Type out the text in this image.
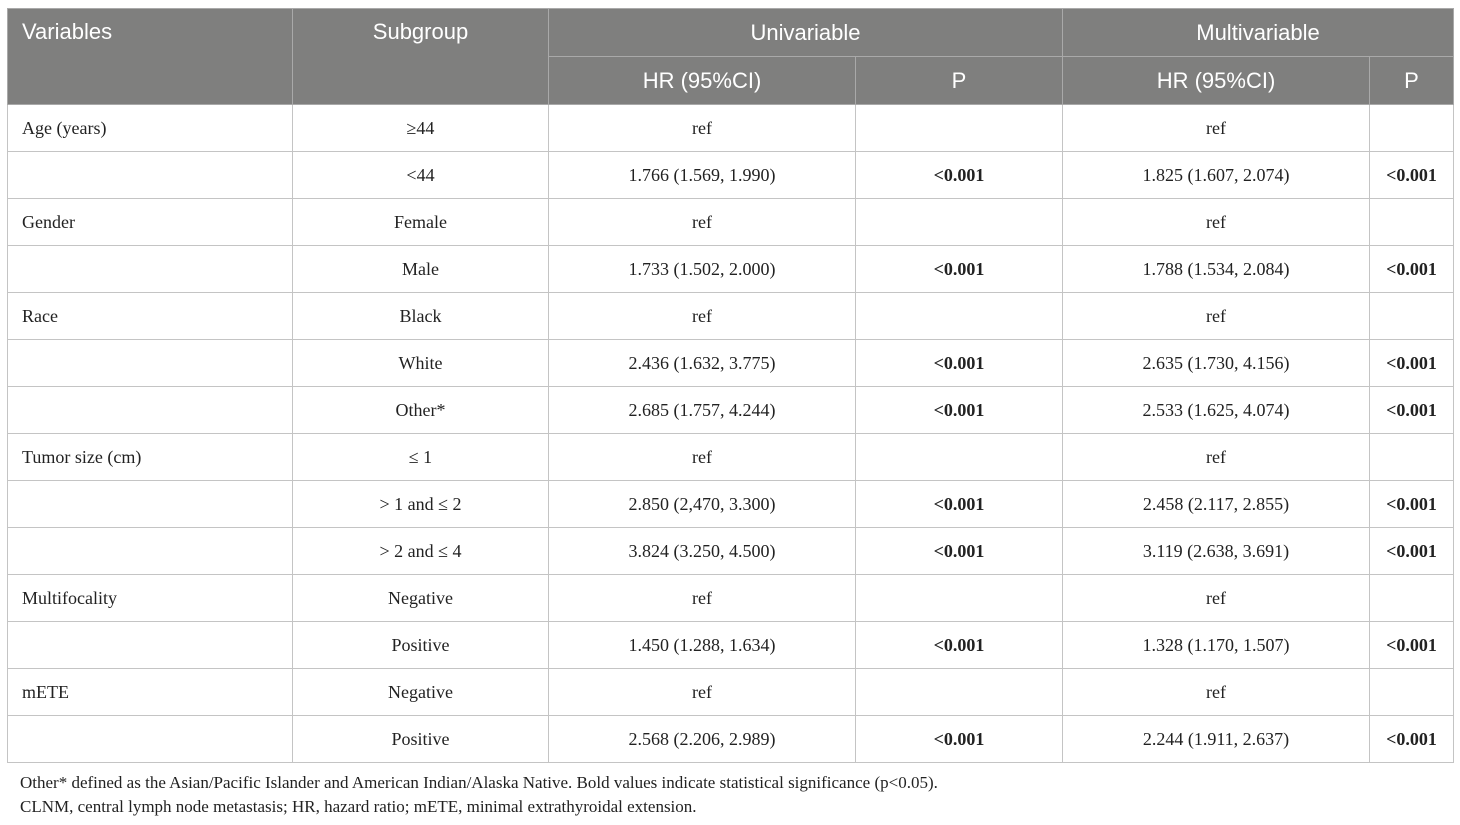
Variables	Subgroup	Univariable		Multivariable	
		HR (95%CI)	P	HR (95%CI)	P
Age (years)	≥44	ref		ref	
	<44	1.766 (1.569, 1.990)	<0.001	1.825 (1.607, 2.074)	<0.001
Gender	Female	ref		ref	
	Male	1.733 (1.502, 2.000)	<0.001	1.788 (1.534, 2.084)	<0.001
Race	Black	ref		ref	
	White	2.436 (1.632, 3.775)	<0.001	2.635 (1.730, 4.156)	<0.001
	Other*	2.685 (1.757, 4.244)	<0.001	2.533 (1.625, 4.074)	<0.001
Tumor size (cm)	≤ 1	ref		ref	
	> 1 and ≤ 2	2.850 (2,470, 3.300)	<0.001	2.458 (2.117, 2.855)	<0.001
	> 2 and ≤ 4	3.824 (3.250, 4.500)	<0.001	3.119 (2.638, 3.691)	<0.001
Multifocality	Negative	ref		ref	
	Positive	1.450 (1.288, 1.634)	<0.001	1.328 (1.170, 1.507)	<0.001
mETE	Negative	ref		ref	
	Positive	2.568 (2.206, 2.989)	<0.001	2.244 (1.911, 2.637)	<0.001

Other* defined as the Asian/Pacific Islander and American Indian/Alaska Native. Bold values indicate statistical significance (p<0.05).

CLNM, central lymph node metastasis; HR, hazard ratio; mETE, minimal extrathyroidal extension.
